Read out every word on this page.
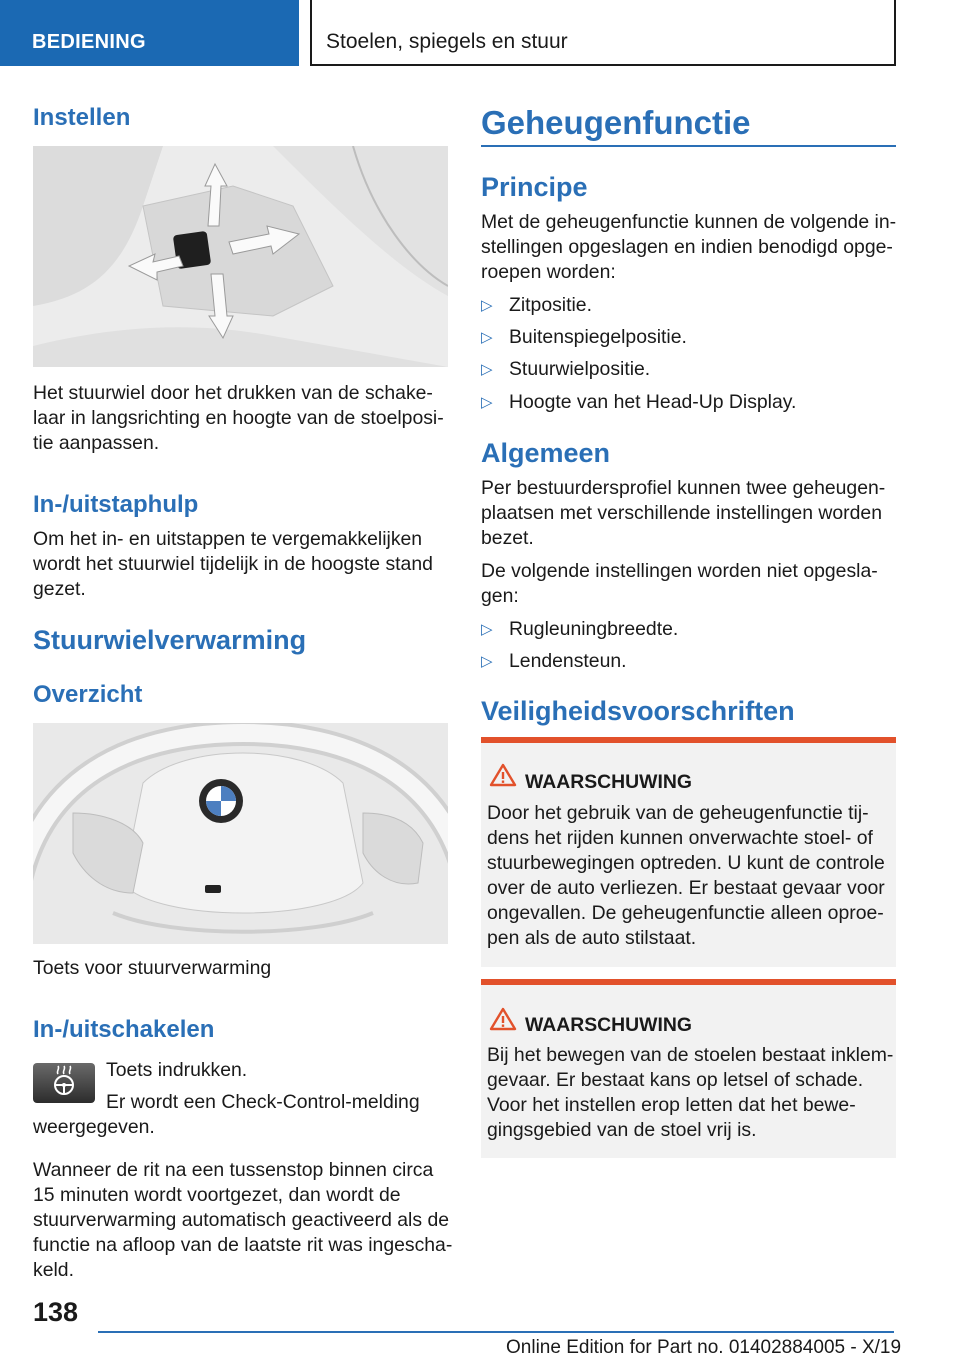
BEDIENING	Stoelen, spiegels en stuur
Instellen
Het stuurwiel door het drukken van de schake-
laar in langsrichting en hoogte van de stoelposi-
tie aanpassen.
In-/uitstaphulp
Om het in- en uitstappen te vergemakkelijken
wordt het stuurwiel tijdelijk in de hoogste stand
gezet.
Stuurwielverwarming
Overzicht
Toets voor stuurverwarming
In-/uitschakelen
Toets indrukken.
Er wordt een Check-Control-melding
weergegeven.
Wanneer de rit na een tussenstop binnen circa
15 minuten wordt voortgezet, dan wordt de
stuurverwarming automatisch geactiveerd als de
functie na afloop van de laatste rit was ingescha-
keld.
Geheugenfunctie
Principe
Met de geheugenfunctie kunnen de volgende in-
stellingen opgeslagen en indien benodigd opge-
roepen worden:
▷ Zitpositie.
▷ Buitenspiegelpositie.
▷ Stuurwielpositie.
▷ Hoogte van het Head-Up Display.
Algemeen
Per bestuurdersprofiel kunnen twee geheugen-
plaatsen met verschillende instellingen worden
bezet.
De volgende instellingen worden niet opgesla-
gen:
▷ Rugleuningbreedte.
▷ Lendensteun.
Veiligheidsvoorschriften
WAARSCHUWING
Door het gebruik van de geheugenfunctie tij-
dens het rijden kunnen onverwachte stoel- of
stuurbewegingen optreden. U kunt de controle
over de auto verliezen. Er bestaat gevaar voor
ongevallen. De geheugenfunctie alleen oproe-
pen als de auto stilstaat.
WAARSCHUWING
Bij het bewegen van de stoelen bestaat inklem-
gevaar. Er bestaat kans op letsel of schade.
Voor het instellen erop letten dat het bewe-
gingsgebied van de stoel vrij is.
138
Online Edition for Part no. 01402884005 - X/19
